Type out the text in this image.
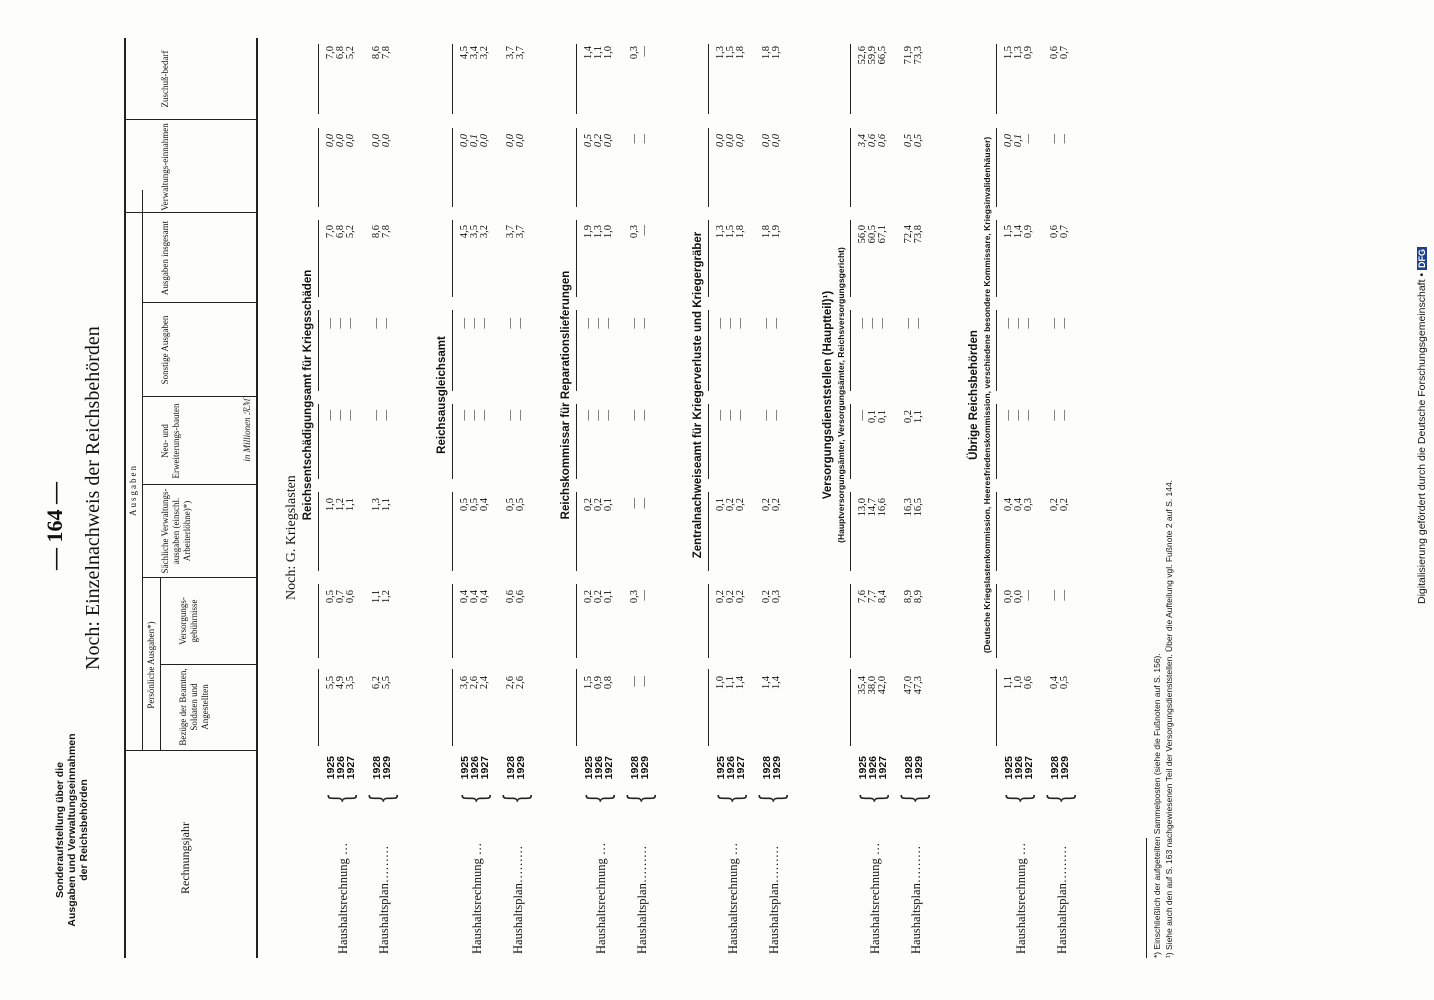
Sonderaufstellung über die Ausgaben und Verwaltungseinnahmen der Reichsbehörden
— 164 — Noch: Einzelnachweis der Reichsbehörden
Rechnungsjahr
Ausgaben
Persönliche Ausgaben*) Bezüge der Beamten, Soldaten und Angestellten
Versorgungs-gebührnisse
Sächliche Verwaltungs-ausgaben (einschl. Arbeiterlöhne)*)
Neu- und Erweiterungs-bauten
Sonstige Ausgaben
Ausgaben insgesamt
Verwaltungs-einnahmen
Zuschuß-bedarf
in Millionen ℛℳ
Noch: G. Kriegslasten
Reichsentschädigungsamt für Kriegsschäden
Haushaltsrechnung …
{
1925
1926
1927
5,5 4,9 3,5
0,5 0,7 0,6
1,0 1,2 1,1
— — —
— — —
7,0 6,8 5,2
0,0 0,0 0,0
7,0 6,8 5,2
Haushaltsplan………
{
1928
1929
6,2 5,5
1,1 1,2
1,3 1,1
— —
— —
8,6 7,8
0,0 0,0
8,6 7,8
Reichsausgleichsamt
Haushaltsrechnung …
{
1925
1926
1927
3,6 2,6 2,4
0,4 0,4 0,4
0,5 0,5 0,4
— — —
— — —
4,5 3,5 3,2
0,0 0,1 0,0
4,5 3,4 3,2
Haushaltsplan………
{
1928
1929
2,6 2,6
0,6 0,6
0,5 0,5
— —
— —
3,7 3,7
0,0 0,0
3,7 3,7
Reichskommissar für Reparationslieferungen
Haushaltsrechnung …
{
1925
1926
1927
1,5 0,9 0,8
0,2 0,2 0,1
0,2 0,2 0,1
— — —
— — —
1,9 1,3 1,0
0,5 0,2 0,0
1,4 1,1 1,0
Haushaltsplan………
{
1928
1929
— —
0,3 —
— —
— —
— —
0,3 —
— —
0,3 —
Zentralnachweiseamt für Kriegerverluste und Kriegergräber
Haushaltsrechnung …
{
1925
1926
1927
1,0 1,1 1,4
0,2 0,2 0,2
0,1 0,2 0,2
— — —
— — —
1,3 1,5 1,8
0,0 0,0 0,0
1,3 1,5 1,8
Haushaltsplan………
{
1928
1929
1,4 1,4
0,2 0,3
0,2 0,2
— —
— —
1,8 1,9
0,0 0,0
1,8 1,9
Versorgungsdienststellen (Hauptteil)¹) (Hauptversorgungsämter, Versorgungsämter, Reichsversorgungsgericht)
Haushaltsrechnung …
{
1925
1926
1927
35,4 38,0 42,0
7,6 7,7 8,4
13,0 14,7 16,6
— 0,1 0,1
— — —
56,0 60,5 67,1
3,4 0,6 0,6
52,6 59,9 66,5
Haushaltsplan………
{
1928
1929
47,0 47,3
8,9 8,9
16,3 16,5
0,2 1,1
— —
72,4 73,8
0,5 0,5
71,9 73,3
Übrige Reichsbehörden (Deutsche Kriegslastenkommission, Heeresfriedenskommission, verschiedene besondere Kommissare, Kriegsinvalidenhäuser)
Haushaltsrechnung …
{
1925
1926
1927
1,1 1,0 0,6
0,0 0,0 —
0,4 0,4 0,3
— — —
— — —
1,5 1,4 0,9
0,0 0,1 —
1,5 1,3 0,9
Haushaltsplan………
{
1928
1929
0,4 0,5
— —
0,2 0,2
— —
— —
0,6 0,7
— —
0,6 0,7
*) Einschließlich der aufgeteilten Sammelposten (siehe die Fußnoten auf S. 156). ¹) Siehe auch den auf S. 163 nachgewiesenen Teil der Versorgungsdienststellen. Über die Aufteilung vgl. Fußnote 2 auf S. 144.
Digitalisierung gefördert durch die Deutsche Forschungsgemeinschaft • DFG
